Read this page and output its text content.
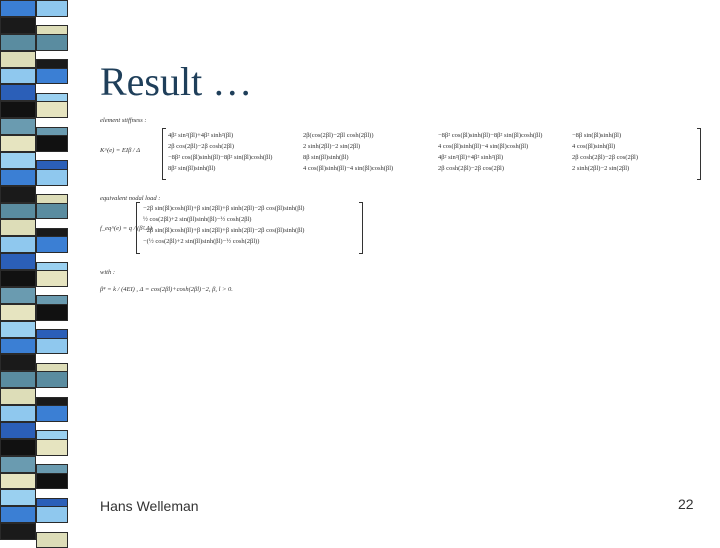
Result …
element stiffness :
K^(e) = EIβ / Δ
4β² sin²(βl)+4β² sinh²(βl)	2β(cos(2βl)−2βl cosh(2βl))	−8β² cos(βl)sinh(βl)−8β² sin(βl)cosh(βl)	−8β sin(βl)sinh(βl)
2β cos(2βl)−2β cosh(2βl)	2 sinh(2βl)−2 sin(2βl)	4 cos(βl)sinh(βl)−4 sin(βl)cosh(βl)	4 cos(βl)sinh(βl)
−8β² cos(βl)sinh(βl)−8β² sin(βl)cosh(βl)	8β sin(βl)sinh(βl)	4β² sin²(βl)+4β² sinh²(βl)	2β cosh(2βl)−2β cos(2βl)
8β² sin(βl)sinh(βl)	4 cos(βl)sinh(βl)−4 sin(βl)cosh(βl)	2β cosh(2βl)−2β cos(2βl)	2 sinh(2βl)−2 sin(2βl)
equivalent nodal load :
f_eq^(e) = q / (β² Δ)
−2β sin(βl)cosh(βl)+β sin(2βl)+β sinh(2βl)−2β cos(βl)sinh(βl)
½ cos(2βl)+2 sin(βl)sinh(βl)−½ cosh(2βl)
−2β sin(βl)cosh(βl)+β sin(2βl)+β sinh(2βl)−2β cos(βl)sinh(βl)
−(½ cos(2βl)+2 sin(βl)sinh(βl)−½ cosh(2βl))
with :
β⁴ = k / (4EI) , Δ = cos(2βl)+cosh(2βl)−2, β, l > 0.
Hans Welleman	22
